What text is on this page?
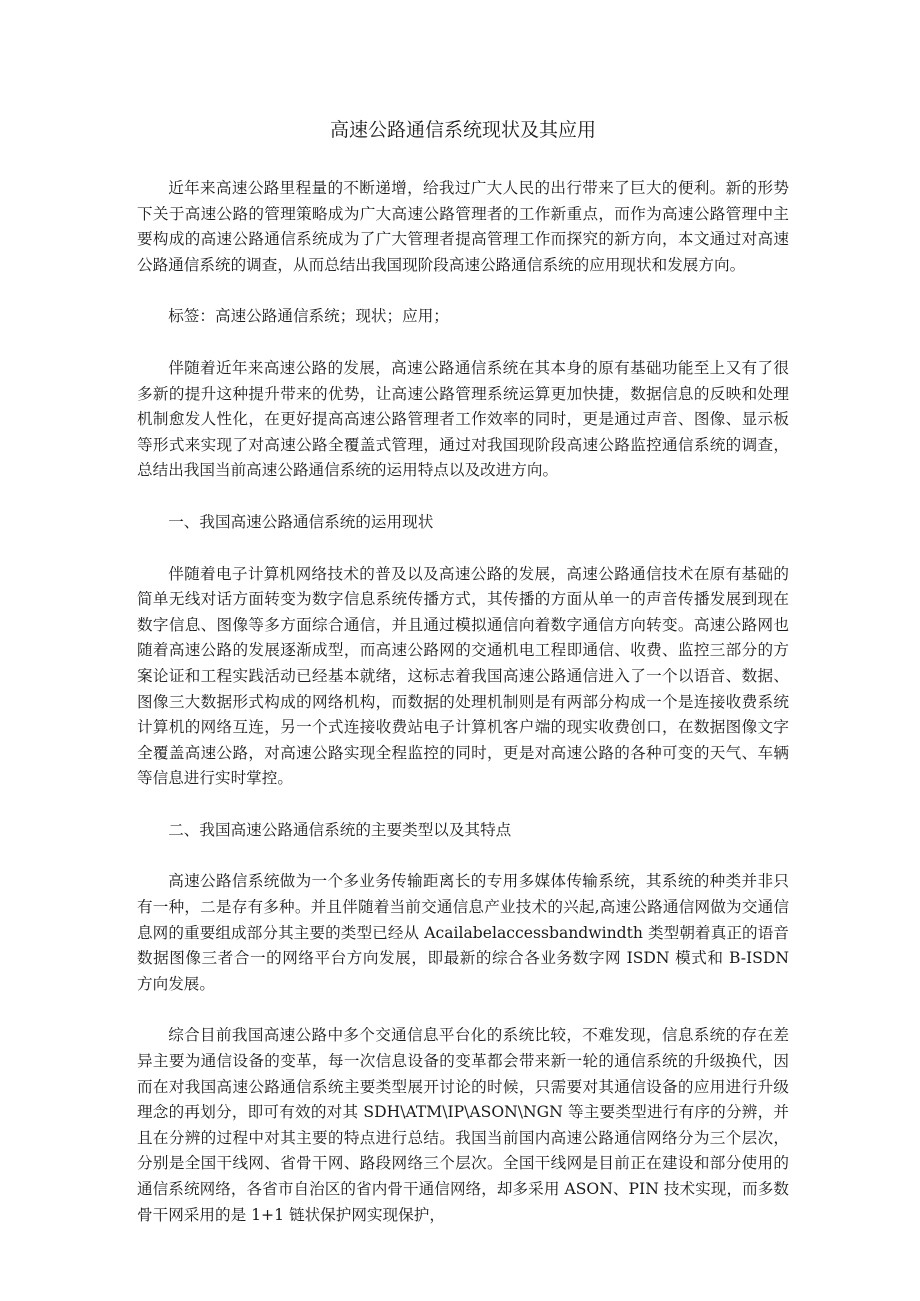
高速公路通信系统现状及其应用

近年来高速公路里程量的不断递增，给我过广大人民的出行带来了巨大的便利。新的形势下关于高速公路的管理策略成为广大高速公路管理者的工作新重点，而作为高速公路管理中主要构成的高速公路通信系统成为了广大管理者提高管理工作而探究的新方向，本文通过对高速公路通信系统的调查，从而总结出我国现阶段高速公路通信系统的应用现状和发展方向。

标签：高速公路通信系统；现状；应用；

伴随着近年来高速公路的发展，高速公路通信系统在其本身的原有基础功能至上又有了很多新的提升这种提升带来的优势，让高速公路管理系统运算更加快捷，数据信息的反映和处理机制愈发人性化，在更好提高高速公路管理者工作效率的同时，更是通过声音、图像、显示板等形式来实现了对高速公路全覆盖式管理，通过对我国现阶段高速公路监控通信系统的调查，总结出我国当前高速公路通信系统的运用特点以及改进方向。

一、我国高速公路通信系统的运用现状

伴随着电子计算机网络技术的普及以及高速公路的发展，高速公路通信技术在原有基础的简单无线对话方面转变为数字信息系统传播方式，其传播的方面从单一的声音传播发展到现在数字信息、图像等多方面综合通信，并且通过模拟通信向着数字通信方向转变。高速公路网也随着高速公路的发展逐渐成型，而高速公路网的交通机电工程即通信、收费、监控三部分的方案论证和工程实践活动已经基本就绪，这标志着我国高速公路通信进入了一个以语音、数据、图像三大数据形式构成的网络机构，而数据的处理机制则是有两部分构成一个是连接收费系统计算机的网络互连，另一个式连接收费站电子计算机客户端的现实收费创口，在数据图像文字全覆盖高速公路，对高速公路实现全程监控的同时，更是对高速公路的各种可变的天气、车辆等信息进行实时掌控。

二、我国高速公路通信系统的主要类型以及其特点

高速公路信系统做为一个多业务传输距离长的专用多媒体传输系统，其系统的种类并非只有一种，二是存有多种。并且伴随着当前交通信息产业技术的兴起,高速公路通信网做为交通信息网的重要组成部分其主要的类型已经从 Acailabelaccessbandwindth 类型朝着真正的语音数据图像三者合一的网络平台方向发展，即最新的综合各业务数字网 ISDN 模式和 B-ISDN 方向发展。

综合目前我国高速公路中多个交通信息平台化的系统比较，不难发现，信息系统的存在差异主要为通信设备的变革，每一次信息设备的变革都会带来新一轮的通信系统的升级换代，因而在对我国高速公路通信系统主要类型展开讨论的时候，只需要对其通信设备的应用进行升级理念的再划分，即可有效的对其 SDH\ATM\IP\ASON\NGN 等主要类型进行有序的分辨，并且在分辨的过程中对其主要的特点进行总结。我国当前国内高速公路通信网络分为三个层次，分别是全国干线网、省骨干网、路段网络三个层次。全国干线网是目前正在建设和部分使用的通信系统网络，各省市自治区的省内骨干通信网络，却多采用 ASON、PIN 技术实现，而多数骨干网采用的是 1+1 链状保护网实现保护，
